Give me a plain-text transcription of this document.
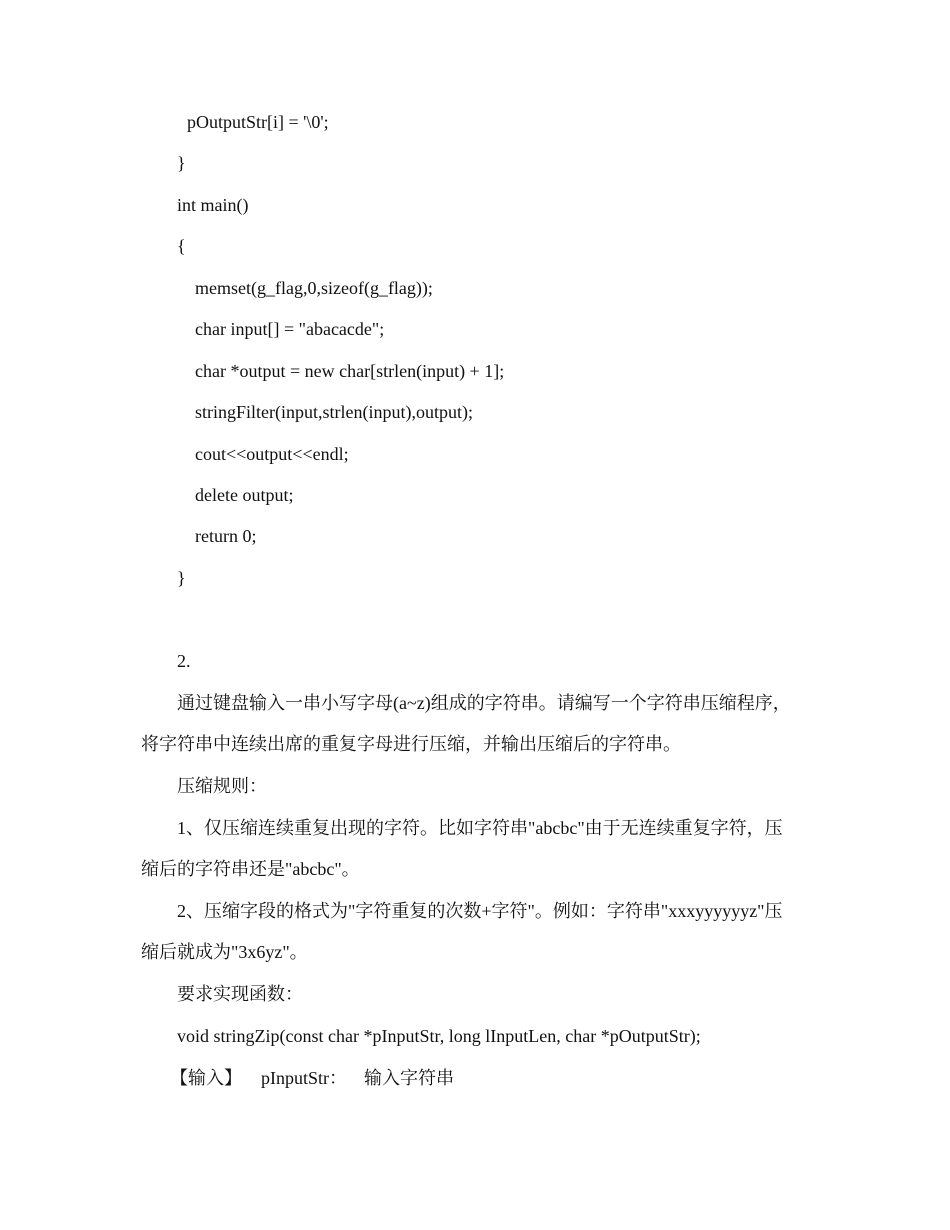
pOutputStr[i] = '\0';
}
int main()
{
memset(g_flag,0,sizeof(g_flag));
char input[] = "abacacde";
char *output = new char[strlen(input) + 1];
stringFilter(input,strlen(input),output);
cout<<output<<endl;
delete output;
return 0;
}
2.
通过键盘输入一串小写字母(a~z)组成的字符串。请编写一个字符串压缩程序，
将字符串中连续出席的重复字母进行压缩，并输出压缩后的字符串。
压缩规则：
1、仅压缩连续重复出现的字符。比如字符串"abcbc"由于无连续重复字符，压
缩后的字符串还是"abcbc"。
2、压缩字段的格式为"字符重复的次数+字符"。例如：字符串"xxxyyyyyyz"压
缩后就成为"3x6yz"。
要求实现函数：
void stringZip(const char *pInputStr, long lInputLen, char *pOutputStr);
【输入】 pInputStr： 输入字符串
